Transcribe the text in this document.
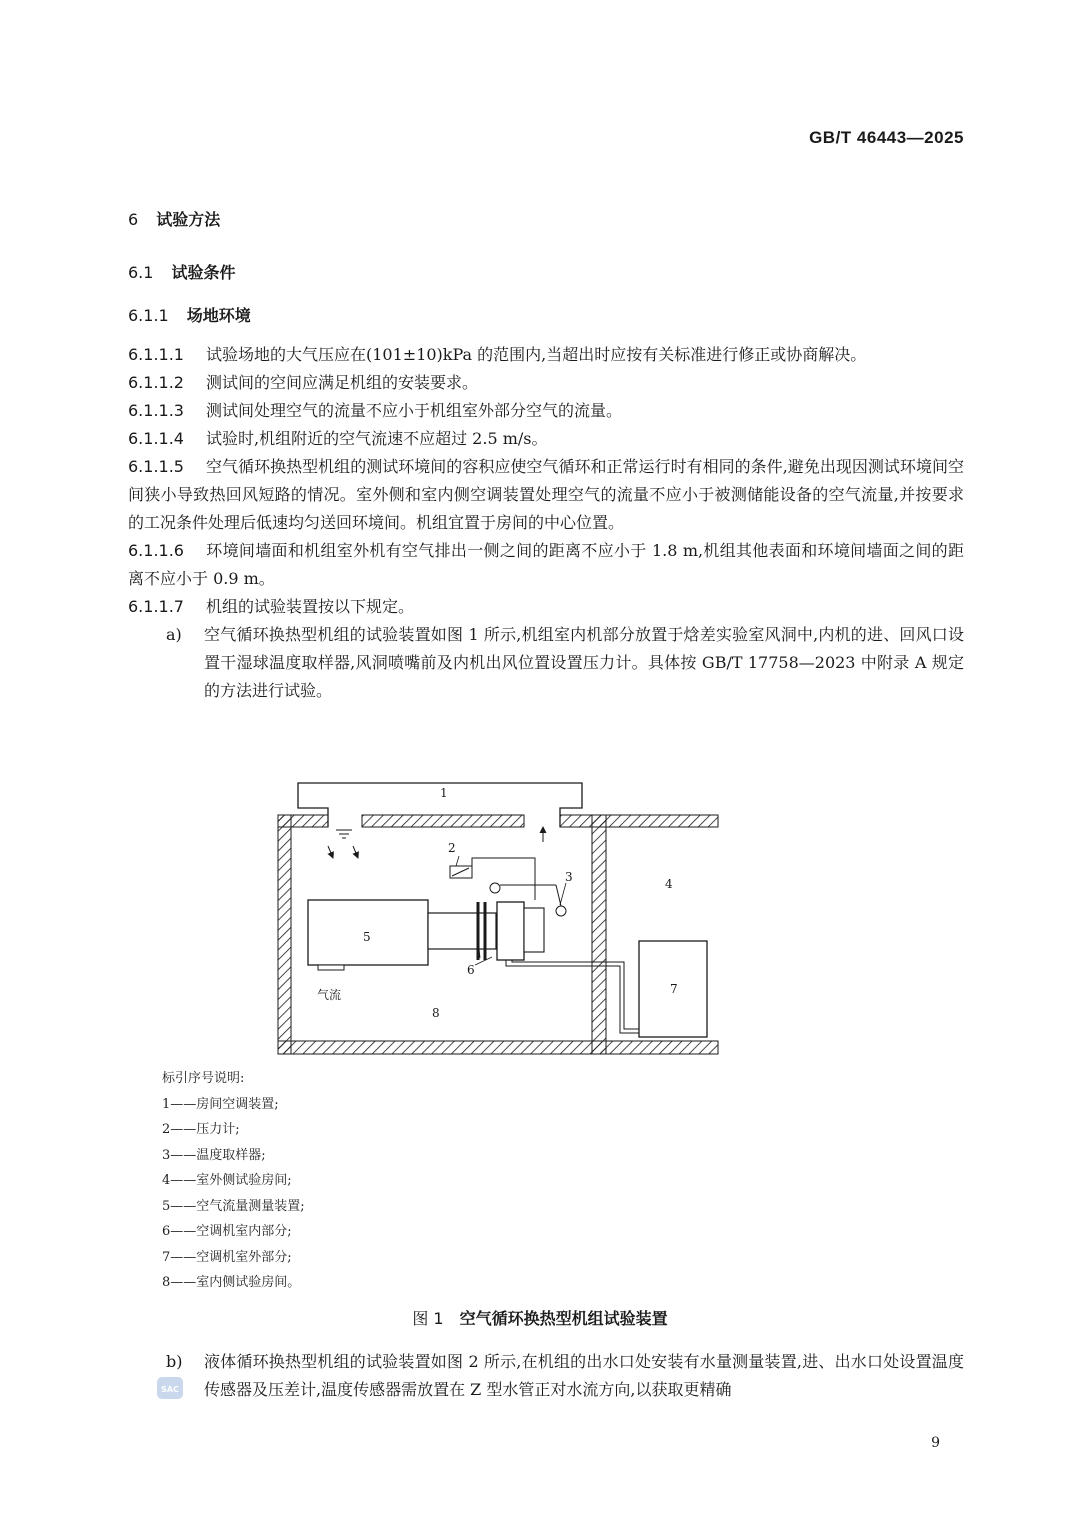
GB/T 46443—2025
6 试验方法
6.1 试验条件
6.1.1 场地环境

6.1.1.1 试验场地的大气压应在(101±10)kPa 的范围内,当超出时应按有关标准进行修正或协商解决。

6.1.1.2 测试间的空间应满足机组的安装要求。

6.1.1.3 测试间处理空气的流量不应小于机组室外部分空气的流量。

6.1.1.4 试验时,机组附近的空气流速不应超过 2.5 m/s。

6.1.1.5 空气循环换热型机组的测试环境间的容积应使空气循环和正常运行时有相同的条件,避免出现因测试环境间空间狭小导致热回风短路的情况。室外侧和室内侧空调装置处理空气的流量不应小于被测储能设备的空气流量,并按要求的工况条件处理后低速均匀送回环境间。机组宜置于房间的中心位置。

6.1.1.6 环境间墙面和机组室外机有空气排出一侧之间的距离不应小于 1.8 m,机组其他表面和环境间墙面之间的距离不应小于 0.9 m。

6.1.1.7 机组的试验装置按以下规定。

a) 空气循环换热型机组的试验装置如图 1 所示,机组室内机部分放置于焓差实验室风洞中,内机的进、回风口设置干湿球温度取样器,风洞喷嘴前及内机出风位置设置压力计。具体按 GB/T 17758—2023 中附录 A 规定的方法进行试验。

1
2
3	4
5
6
7
8
气流
标引序号说明:
1——房间空调装置;
2——压力计;
3——温度取样器;
4——室外侧试验房间;
5——空气流量测量装置;
6——空调机室内部分;
7——空调机室外部分;
8——室内侧试验房间。
图 1 空气循环换热型机组试验装置

b) 液体循环换热型机组的试验装置如图 2 所示,在机组的出水口处安装有水量测量装置,进、出水口处设置温度传感器及压差计,温度传感器需放置在 Z 型水管正对水流方向,以获取更精确

SAC
9
